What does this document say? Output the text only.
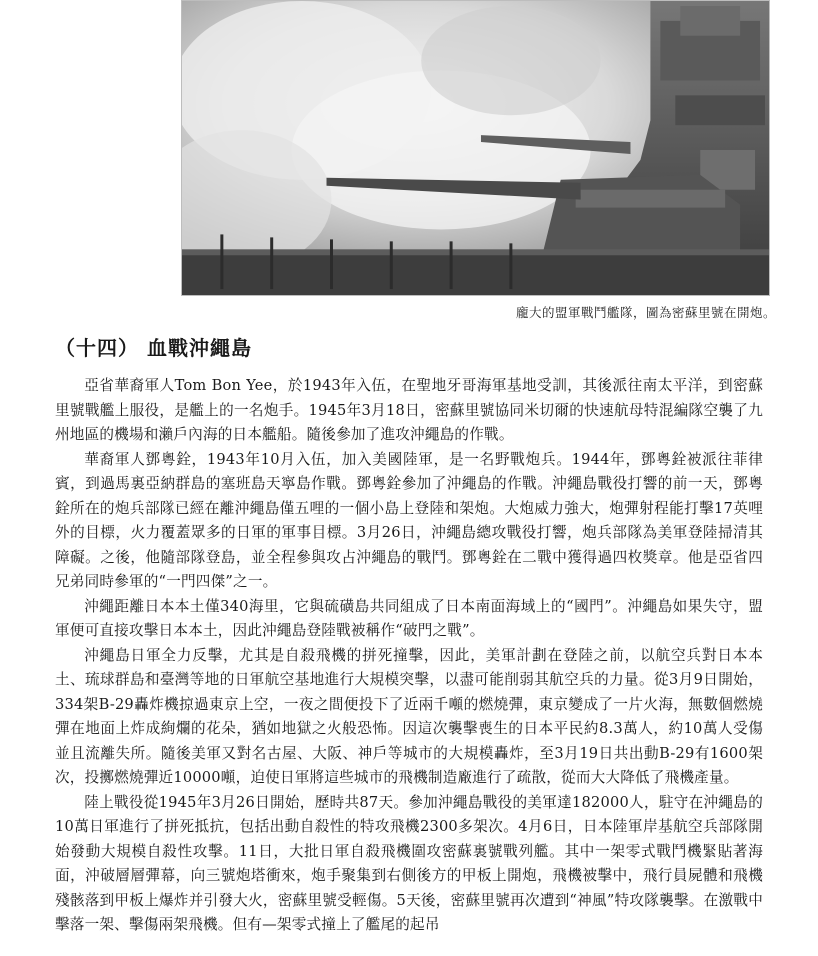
龐大的盟軍戰鬥艦隊，圖為密蘇里號在開炮。
（十四） 血戰沖繩島

亞省華裔軍人Tom Bon Yee，於1943年入伍，在聖地牙哥海軍基地受訓，其後派往南太平洋，到密蘇里號戰艦上服役，是艦上的一名炮手。1945年3月18日，密蘇里號協同米切爾的快速航母特混編隊空襲了九州地區的機場和瀨戶內海的日本艦船。隨後參加了進攻沖繩島的作戰。

華裔軍人鄧粵銓，1943年10月入伍，加入美國陸軍，是一名野戰炮兵。1944年，鄧粵銓被派往菲律賓，到過馬裏亞納群島的塞班島天寧島作戰。鄧粵銓參加了沖繩島的作戰。沖繩島戰役打響的前一天，鄧粵銓所在的炮兵部隊已經在離沖繩島僅五哩的一個小島上登陸和架炮。大炮威力強大，炮彈射程能打擊17英哩外的目標，火力覆蓋眾多的日軍的軍事目標。3月26日，沖繩島總攻戰役打響，炮兵部隊為美軍登陸掃清其障礙。之後，他隨部隊登島，並全程參與攻占沖繩島的戰鬥。鄧粵銓在二戰中獲得過四枚獎章。他是亞省四兄弟同時參軍的“一門四傑”之一。

沖繩距離日本本土僅340海里，它與硫磺島共同組成了日本南面海域上的“國門”。沖繩島如果失守，盟軍便可直接攻擊日本本土，因此沖繩島登陸戰被稱作“破門之戰”。

沖繩島日軍全力反擊，尤其是自殺飛機的拼死撞擊，因此，美軍計劃在登陸之前，以航空兵對日本本土、琉球群島和臺灣等地的日軍航空基地進行大規模突擊，以盡可能削弱其航空兵的力量。從3月9日開始，334架B-29轟炸機掠過東京上空，一夜之間便投下了近兩千噸的燃燒彈，東京變成了一片火海，無數個燃燒彈在地面上炸成絢爛的花朵，猶如地獄之火般恐怖。因這次襲擊喪生的日本平民約8.3萬人，約10萬人受傷並且流離失所。隨後美軍又對名古屋、大阪、神戶等城市的大規模轟炸，至3月19日共出動B-29有1600架次，投擲燃燒彈近10000噸，迫使日軍將這些城市的飛機制造廠進行了疏散，從而大大降低了飛機產量。

陸上戰役從1945年3月26日開始，歷時共87天。參加沖繩島戰役的美軍達182000人，駐守在沖繩島的10萬日軍進行了拼死抵抗，包括出動自殺性的特攻飛機2300多架次。4月6日，日本陸軍岸基航空兵部隊開始發動大規模自殺性攻擊。11日，大批日軍自殺飛機圍攻密蘇裏號戰列艦。其中一架零式戰鬥機緊貼著海面，沖破層層彈幕，向三號炮塔衝來，炮手聚集到右側後方的甲板上開炮，飛機被擊中，飛行員屍體和飛機殘骸落到甲板上爆炸并引發大火，密蘇里號受輕傷。5天後，密蘇里號再次遭到“神風”特攻隊襲擊。在激戰中擊落一架、擊傷兩架飛機。但有—架零式撞上了艦尾的起吊
